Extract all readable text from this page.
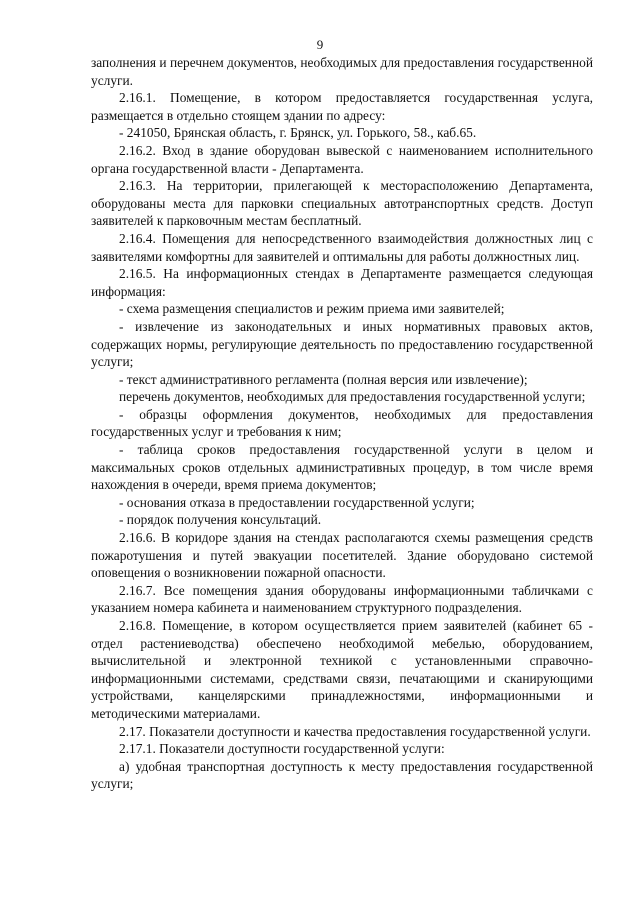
9

заполнения и перечнем документов, необходимых для предоставления государственной услуги.

2.16.1. Помещение, в котором предоставляется государственная услуга, размещается в отдельно стоящем здании по адресу:

- 241050, Брянская область, г. Брянск, ул. Горького, 58., каб.65.

2.16.2. Вход в здание оборудован вывеской с наименованием исполнительного органа государственной власти - Департамента.

2.16.3. На территории, прилегающей к месторасположению Департамента, оборудованы места для парковки специальных автотранспортных средств. Доступ заявителей к парковочным местам бесплатный.

2.16.4. Помещения для непосредственного взаимодействия должностных лиц с заявителями комфортны для заявителей и оптимальны для работы должностных лиц.

2.16.5. На информационных стендах в Департаменте размещается следующая информация:

- схема размещения специалистов и режим приема ими заявителей;

- извлечение из законодательных и иных нормативных правовых актов, содержащих нормы, регулирующие деятельность по предоставлению государственной услуги;

- текст административного регламента (полная версия или извлечение);

перечень документов, необходимых для предоставления государственной услуги;

- образцы оформления документов, необходимых для предоставления государственных услуг и требования к ним;

- таблица сроков предоставления государственной услуги в целом и максимальных сроков отдельных административных процедур, в том числе время нахождения в очереди, время приема документов;

- основания отказа в предоставлении государственной услуги;

- порядок получения консультаций.

2.16.6. В коридоре здания на стендах располагаются схемы размещения средств пожаротушения и путей эвакуации посетителей. Здание оборудовано системой оповещения о возникновении пожарной опасности.

2.16.7. Все помещения здания оборудованы информационными табличками с указанием номера кабинета и наименованием структурного подразделения.

2.16.8. Помещение, в котором осуществляется прием заявителей (кабинет 65 - отдел растениеводства) обеспечено необходимой мебелью, оборудованием, вычислительной и электронной техникой с установленными справочно-информационными системами, средствами связи, печатающими и сканирующими устройствами, канцелярскими принадлежностями, информационными и методическими материалами.

2.17. Показатели доступности и качества предоставления государственной услуги.

2.17.1. Показатели доступности государственной услуги:

а) удобная транспортная доступность к месту предоставления государственной услуги;
